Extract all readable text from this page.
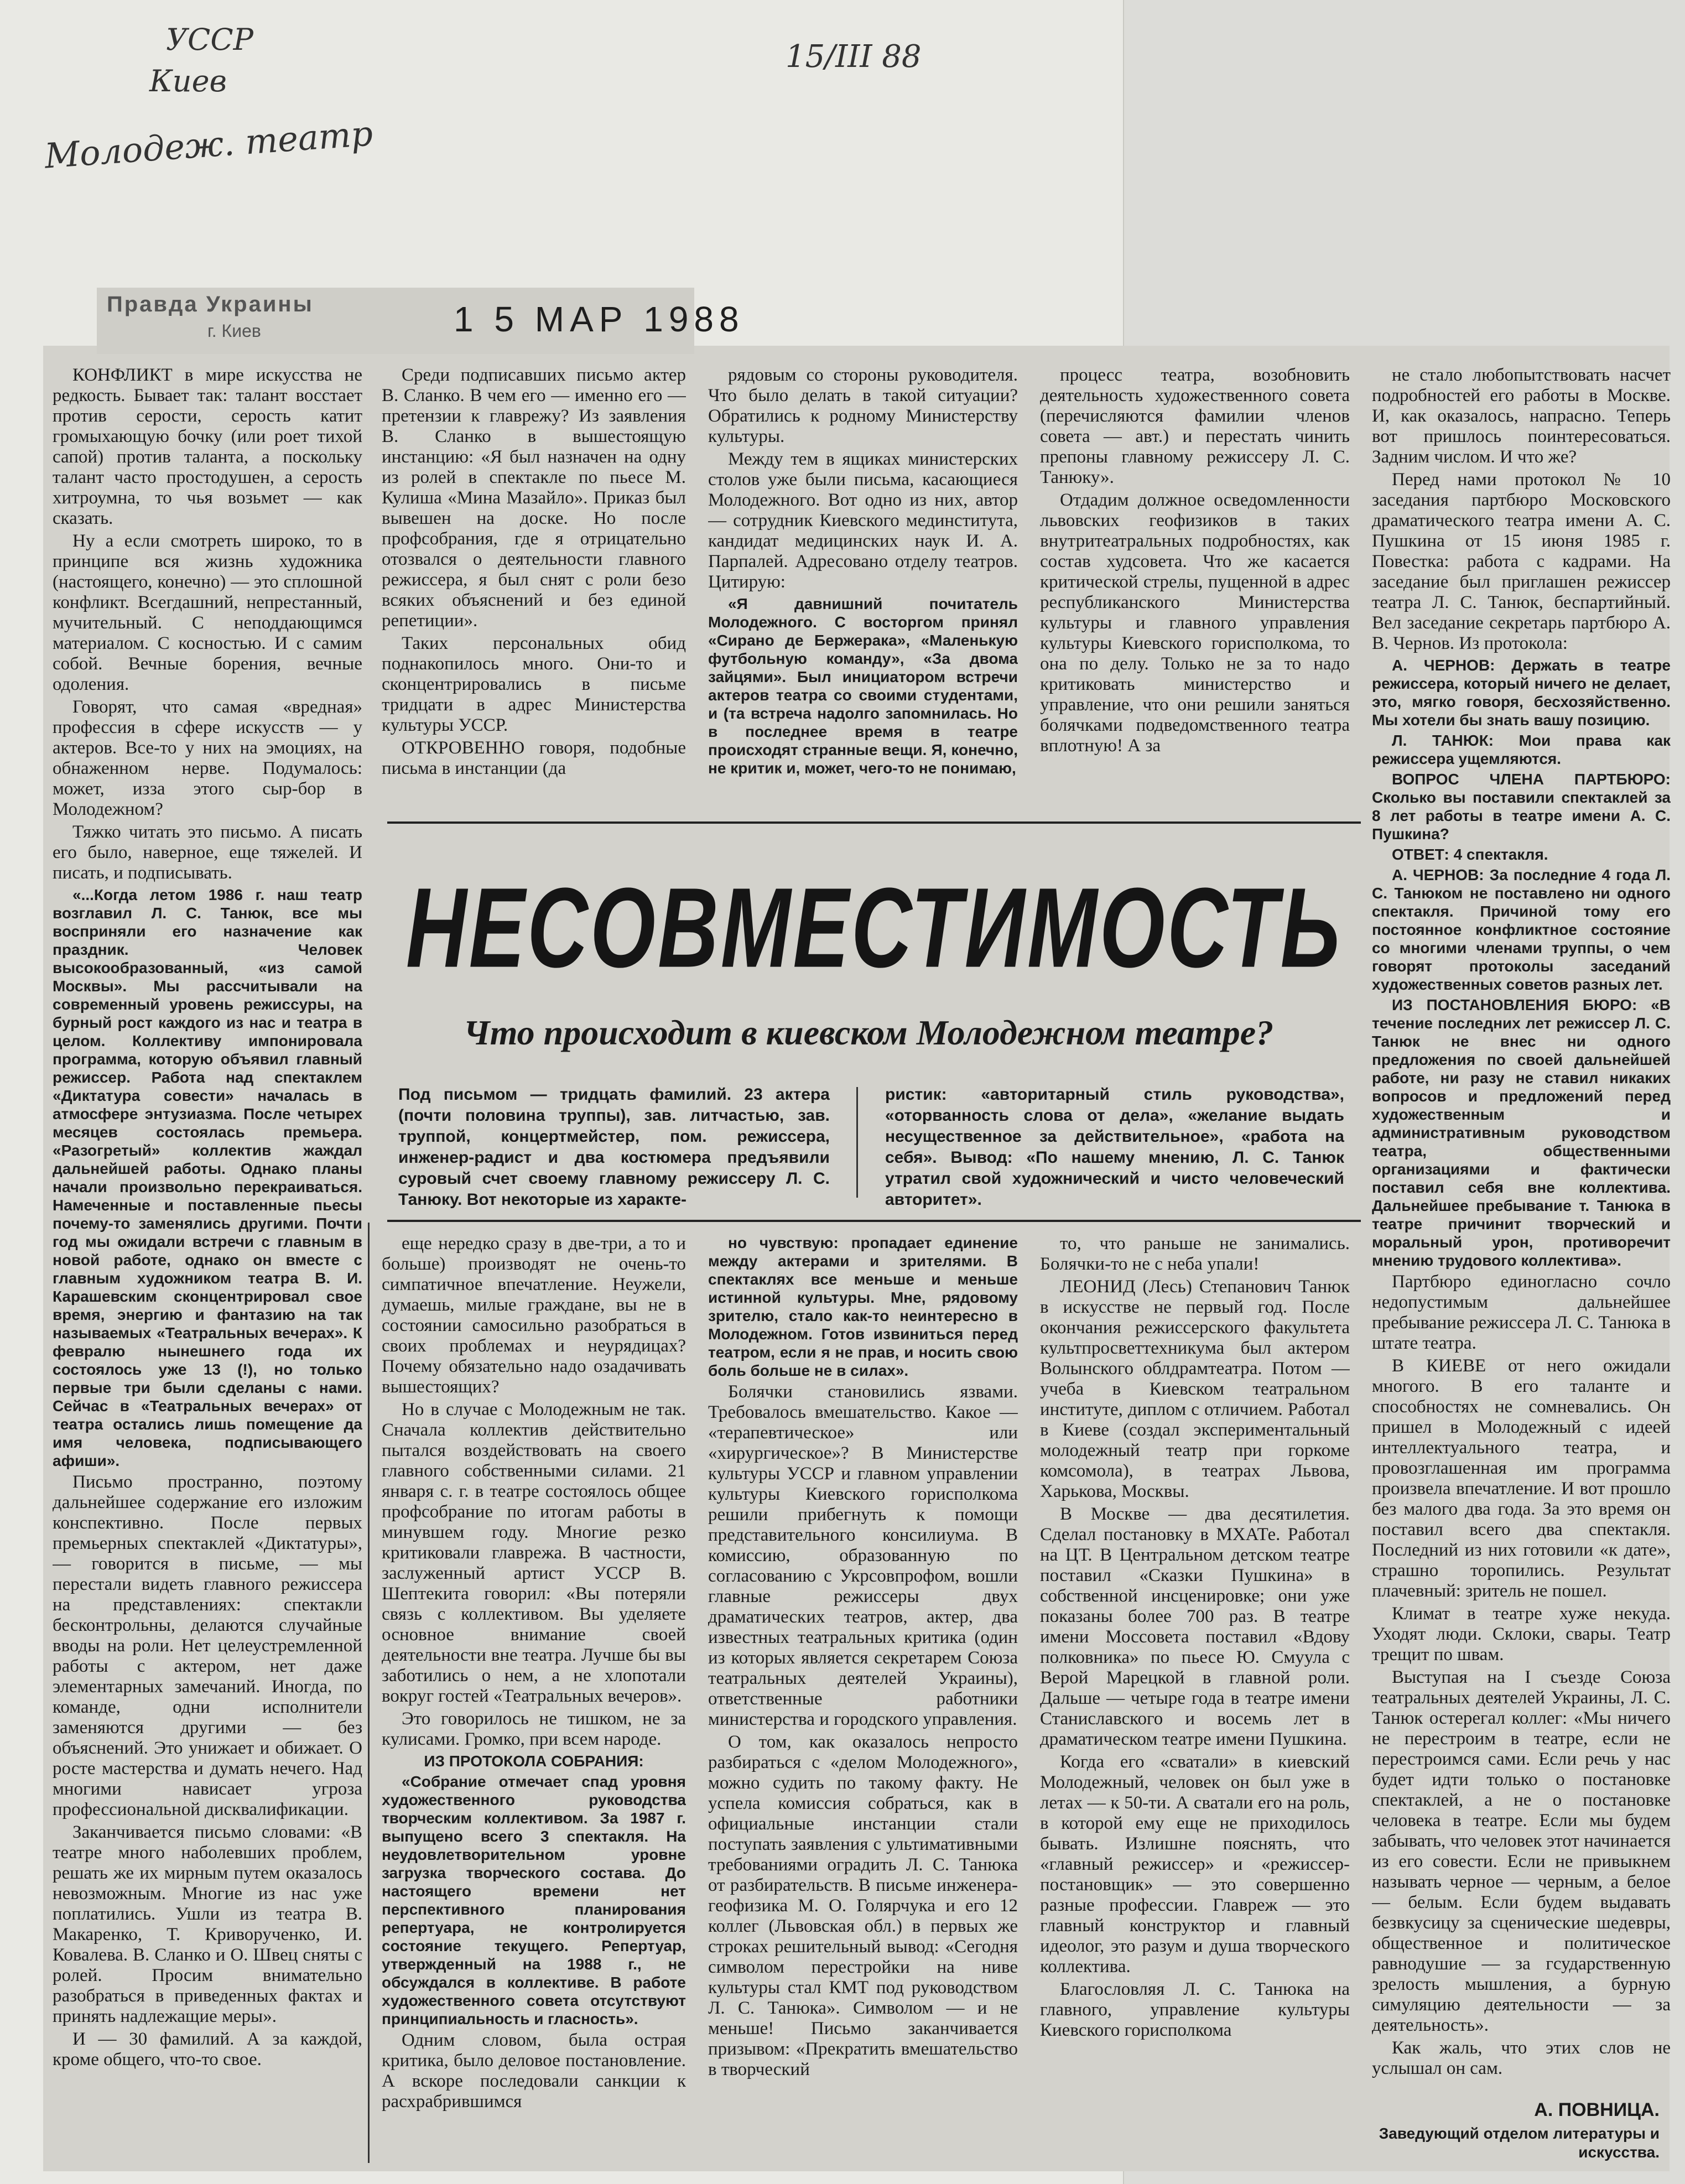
УССР
Киев
Молодеж. театр
15/III 88
Правда Украины
г. Киев	1 5 МАР 1988

КОНФЛИКТ в мире искусства не редкость. Бывает так: талант восстает против серости, серость катит громыхающую бочку (или роет тихой сапой) против таланта, а поскольку талант часто простодушен, а серость хитроумна, то чья возьмет — как сказать.

Ну а если смотреть широко, то в принципе вся жизнь художника (настоящего, конечно) — это сплошной конфликт. Всегдашний, непрестанный, мучительный. С неподдающимся материалом. С косностью. И с самим собой. Вечные борения, вечные одоления.

Говорят, что самая «вредная» профессия в сфере искусств — у актеров. Все-то у них на эмоциях, на обнаженном нерве. Подумалось: может, изза этого сыр-бор в Молодежном?

Тяжко читать это письмо. А писать его было, наверное, еще тяжелей. И писать, и подписывать.

«...Когда летом 1986 г. наш театр возглавил Л. С. Танюк, все мы восприняли его назначение как праздник. Человек высокообразованный, «из самой Москвы». Мы рассчитывали на современный уровень режиссуры, на бурный рост каждого из нас и театра в целом. Коллективу импонировала программа, которую объявил главный режиссер. Работа над спектаклем «Диктатура совести» началась в атмосфере энтузиазма. После четырех месяцев состоялась премьера. «Разогретый» коллектив жаждал дальнейшей работы. Однако планы начали произвольно перекраиваться. Намеченные и поставленные пьесы почему-то заменялись другими. Почти год мы ожидали встречи с главным в новой работе, однако он вместе с главным художником театра В. И. Карашевским сконцентрировал свое время, энергию и фантазию на так называемых «Театральных вечерах». К февралю нынешнего года их состоялось уже 13 (!), но только первые три были сделаны с нами. Сейчас в «Театральных вечерах» от театра остались лишь помещение да имя человека, подписывающего афиши».

Письмо пространно, поэтому дальнейшее содержание его изложим конспективно. После первых премьерных спектаклей «Диктатуры», — говорится в письме, — мы перестали видеть главного режиссера на представлениях: спектакли бесконтрольны, делаются случайные вводы на роли. Нет целеустремленной работы с актером, нет даже элементарных замечаний. Иногда, по команде, одни исполнители заменяются другими — без объяснений. Это унижает и обижает. О росте мастерства и думать нечего. Над многими нависает угроза профессиональной дисквалификации.

Заканчивается письмо словами: «В театре много наболевших проблем, решать же их мирным путем оказалось невозможным. Многие из нас уже поплатились. Ушли из театра В. Макаренко, Т. Криворученко, И. Ковалева. В. Сланко и О. Швец сняты с ролей. Просим внимательно разобраться в приведенных фактах и принять надлежащие меры».

И — 30 фамилий. А за каждой, кроме общего, что-то свое.

Среди подписавших письмо актер В. Сланко. В чем его — именно его — претензии к главрежу? Из заявления В. Сланко в вышестоящую инстанцию: «Я был назначен на одну из ролей в спектакле по пьесе М. Кулиша «Мина Мазайло». Приказ был вывешен на доске. Но после профсобрания, где я отрицательно отозвался о деятельности главного режиссера, я был снят с роли безо всяких объяснений и без единой репетиции».

Таких персональных обид поднакопилось много. Они-то и сконцентрировались в письме тридцати в адрес Министерства культуры УССР.

ОТКРОВЕННО говоря, подобные письма в инстанции (да

рядовым со стороны руководителя. Что было делать в такой ситуации? Обратились к родному Министерству культуры.

Между тем в ящиках министерских столов уже были письма, касающиеся Молодежного. Вот одно из них, автор — сотрудник Киевского мединститута, кандидат медицинских наук И. А. Парпалей. Адресовано отделу театров. Цитирую:

«Я давнишний почитатель Молодежного. С восторгом принял «Сирано де Бержерака», «Маленькую футбольную команду», «За двома зайцями». Был инициатором встречи актеров театра со своими студентами, и (та встреча надолго запомнилась. Но в последнее время в театре происходят странные вещи. Я, конечно, не критик и, может, чего-то не понимаю,

процесс театра, возобновить деятельность художественного совета (перечисляются фамилии членов совета — авт.) и перестать чинить препоны главному режиссеру Л. С. Танюку».

Отдадим должное осведомленности львовских геофизиков в таких внутритеатральных подробностях, как состав худсовета. Что же касается критической стрелы, пущенной в адрес республиканского Министерства культуры и главного управления культуры Киевского горисполкома, то она по делу. Только не за то надо критиковать министерство и управление, что они решили заняться болячками подведомственного театра вплотную! А за

не стало любопытствовать насчет подробностей его работы в Москве. И, как оказалось, напрасно. Теперь вот пришлось поинтересоваться. Задним числом. И что же?

Перед нами протокол № 10 заседания партбюро Московского драматического театра имени А. С. Пушкина от 15 июня 1985 г. Повестка: работа с кадрами. На заседание был приглашен режиссер театра Л. С. Танюк, беспартийный. Вел заседание секретарь партбюро А. В. Чернов. Из протокола:

А. ЧЕРНОВ: Держать в театре режиссера, который ничего не делает, это, мягко говоря, бесхозяйственно. Мы хотели бы знать вашу позицию.

Л. ТАНЮК: Мои права как режиссера ущемляются.

ВОПРОС ЧЛЕНА ПАРТБЮРО: Сколько вы поставили спектаклей за 8 лет работы в театре имени А. С. Пушкина?

ОТВЕТ: 4 спектакля.

А. ЧЕРНОВ: За последние 4 года Л. С. Танюком не поставлено ни одного спектакля. Причиной тому его постоянное конфликтное состояние со многими членами труппы, о чем говорят протоколы заседаний художественных советов разных лет.

ИЗ ПОСТАНОВЛЕНИЯ БЮРО: «В течение последних лет режиссер Л. С. Танюк не внес ни одного предложения по своей дальнейшей работе, ни разу не ставил никаких вопросов и предложений перед художественным и административным руководством театра, общественными организациями и фактически поставил себя вне коллектива. Дальнейшее пребывание т. Танюка в театре причинит творческий и моральный урон, противоречит мнению трудового коллектива».

Партбюро единогласно сочло недопустимым дальнейшее пребывание режиссера Л. С. Танюка в штате театра.

В КИЕВЕ от него ожидали многого. В его таланте и способностях не сомневались. Он пришел в Молодежный с идеей интеллектуального театра, и провозглашенная им программа произвела впечатление. И вот прошло без малого два года. За это время он поставил всего два спектакля. Последний из них готовили «к дате», страшно торопились. Результат плачевный: зритель не пошел.

Климат в театре хуже некуда. Уходят люди. Склоки, свары. Театр трещит по швам.

Выступая на I съезде Союза театральных деятелей Украины, Л. С. Танюк остерегал коллег: «Мы ничего не перестроим в театре, если не перестроимся сами. Если речь у нас будет идти только о постановке спектаклей, а не о постановке человека в театре. Если мы будем забывать, что человек этот начинается из его совести. Если не привыкнем называть черное — черным, а белое — белым. Если будем выдавать безвкусицу за сценические шедевры, общественное и политическое равнодушие — за гсударственную зрелость мышления, а бурную симуляцию деятельности — за деятельность».

Как жаль, что этих слов не услышал он сам.

А. ПОВНИЦА.
Заведующий отделом литературы и искусства.
НЕСОВМЕСТИМОСТЬ
Что происходит в киевском Молодежном театре?
Под письмом — тридцать фамилий. 23 актера (почти половина труппы), зав. литчастью, зав. труппой, концертмейстер, пом. режиссера, инженер-радист и два костюмера предъявили суровый счет своему главному режиссеру Л. С. Танюку. Вот некоторые из характе-
ристик: «авторитарный стиль руководства», «оторванность слова от дела», «желание выдать несущественное за действительное», «работа на себя». Вывод: «По нашему мнению, Л. С. Танюк утратил свой художнический и чисто человеческий авторитет».

еще нередко сразу в две-три, а то и больше) производят не очень-то симпатичное впечатление. Неужели, думаешь, милые граждане, вы не в состоянии самосильно разобраться в своих проблемах и неурядицах? Почему обязательно надо озадачивать вышестоящих?

Но в случае с Молодежным не так. Сначала коллектив действительно пытался воздействовать на своего главного собственными силами. 21 января с. г. в театре состоялось общее профсобрание по итогам работы в минувшем году. Многие резко критиковали главрежа. В частности, заслуженный артист УССР В. Шептекита говорил: «Вы потеряли связь с коллективом. Вы уделяете основное внимание своей деятельности вне театра. Лучше бы вы заботились о нем, а не хлопотали вокруг гостей «Театральных вечеров».

Это говорилось не тишком, не за кулисами. Громко, при всем народе.

ИЗ ПРОТОКОЛА СОБРАНИЯ:

«Собрание отмечает спад уровня художественного руководства творческим коллективом. За 1987 г. выпущено всего 3 спектакля. На неудовлетворительном уровне загрузка творческого состава. До настоящего времени нет перспективного планирования репертуара, не контролируется состояние текущего. Репертуар, утвержденный на 1988 г., не обсуждался в коллективе. В работе художественного совета отсутствуют принципиальность и гласность».

Одним словом, была острая критика, было деловое постановление. А вскоре последовали санкции к расхрабрившимся

но чувствую: пропадает единение между актерами и зрителями. В спектаклях все меньше и меньше истинной культуры. Мне, рядовому зрителю, стало как-то неинтересно в Молодежном. Готов извиниться перед театром, если я не прав, и носить свою боль больше не в силах».

Болячки становились язвами. Требовалось вмешательство. Какое — «терапевтическое» или «хирургическое»? В Министерстве культуры УССР и главном управлении культуры Киевского горисполкома решили прибегнуть к помощи представительного консилиума. В комиссию, образованную по согласованию с Укрсовпрофом, вошли главные режиссеры двух драматических театров, актер, два известных театральных критика (один из которых является секретарем Союза театральных деятелей Украины), ответственные работники министерства и городского управления.

О том, как оказалось непросто разбираться с «делом Молодежного», можно судить по такому факту. Не успела комиссия собраться, как в официальные инстанции стали поступать заявления с ультимативными требованиями оградить Л. С. Танюка от разбирательств. В письме инженера-геофизика М. О. Голярчука и его 12 коллег (Львовская обл.) в первых же строках решительный вывод: «Сегодня символом перестройки на ниве культуры стал КМТ под руководством Л. С. Танюка». Символом — и не меньше! Письмо заканчивается призывом: «Прекратить вмешательство в творческий

то, что раньше не занимались. Болячки-то не с неба упали!

ЛЕОНИД (Лесь) Степанович Танюк в искусстве не первый год. После окончания режиссерского факультета культпросветтехникума был актером Волынского облдрамтеатра. Потом — учеба в Киевском театральном институте, диплом с отличием. Работал в Киеве (создал экспериментальный молодежный театр при горкоме комсомола), в театрах Львова, Харькова, Москвы.

В Москве — два десятилетия. Сделал постановку в МХАТе. Работал на ЦТ. В Центральном детском театре поставил «Сказки Пушкина» в собственной инсценировке; они уже показаны более 700 раз. В театре имени Моссовета поставил «Вдову полковника» по пьесе Ю. Смуула с Верой Марецкой в главной роли. Дальше — четыре года в театре имени Станиславского и восемь лет в драматическом театре имени Пушкина.

Когда его «сватали» в киевский Молодежный, человек он был уже в летах — к 50-ти. А сватали его на роль, в которой ему еще не приходилось бывать. Излишне пояснять, что «главный режиссер» и «режиссер-постановщик» — это совершенно разные профессии. Главреж — это главный конструктор и главный идеолог, это разум и душа творческого коллектива.

Благословляя Л. С. Танюка на главного, управление культуры Киевского горисполкома
